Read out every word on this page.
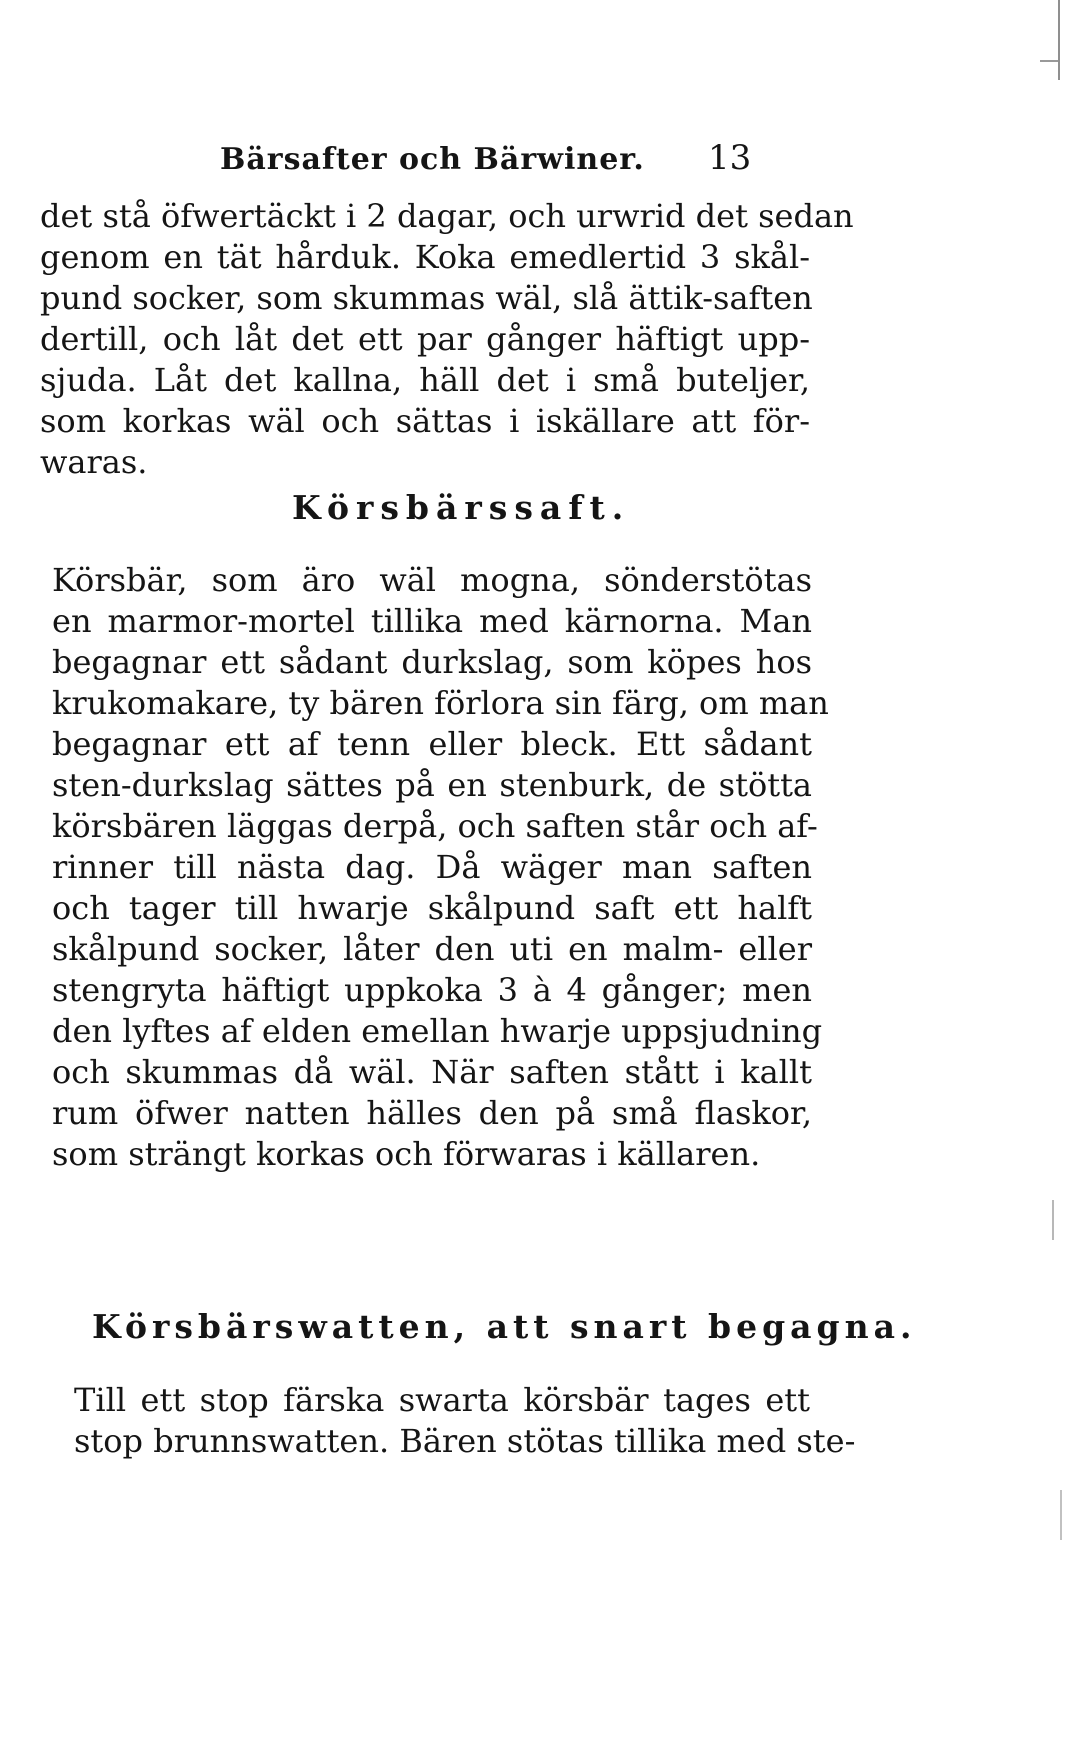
Bärsafter och Bärwiner. 13
det stå öfwertäckt i 2 dagar, och urwrid det sedan
genom en tät hårduk. Koka emedlertid 3 skål-
pund socker, som skummas wäl, slå ättik-saften
dertill, och låt det ett par gånger häftigt upp-
sjuda. Låt det kallna, häll det i små buteljer,
som korkas wäl och sättas i iskällare att för-
waras.
Körsbärssaft.
Körsbär, som äro wäl mogna, sönderstötas
en marmor-mortel tillika med kärnorna. Man
begagnar ett sådant durkslag, som köpes hos
krukomakare, ty bären förlora sin färg, om man
begagnar ett af tenn eller bleck. Ett sådant
sten-durkslag sättes på en stenburk, de stötta
körsbären läggas derpå, och saften står och af-
rinner till nästa dag. Då wäger man saften
och tager till hwarje skålpund saft ett halft
skålpund socker, låter den uti en malm- eller
stengryta häftigt uppkoka 3 à 4 gånger; men
den lyftes af elden emellan hwarje uppsjudning
och skummas då wäl. När saften stått i kallt
rum öfwer natten hälles den på små flaskor,
som strängt korkas och förwaras i källaren.
Körsbärswatten, att snart begagna.
Till ett stop färska swarta körsbär tages ett
stop brunnswatten. Bären stötas tillika med ste-
